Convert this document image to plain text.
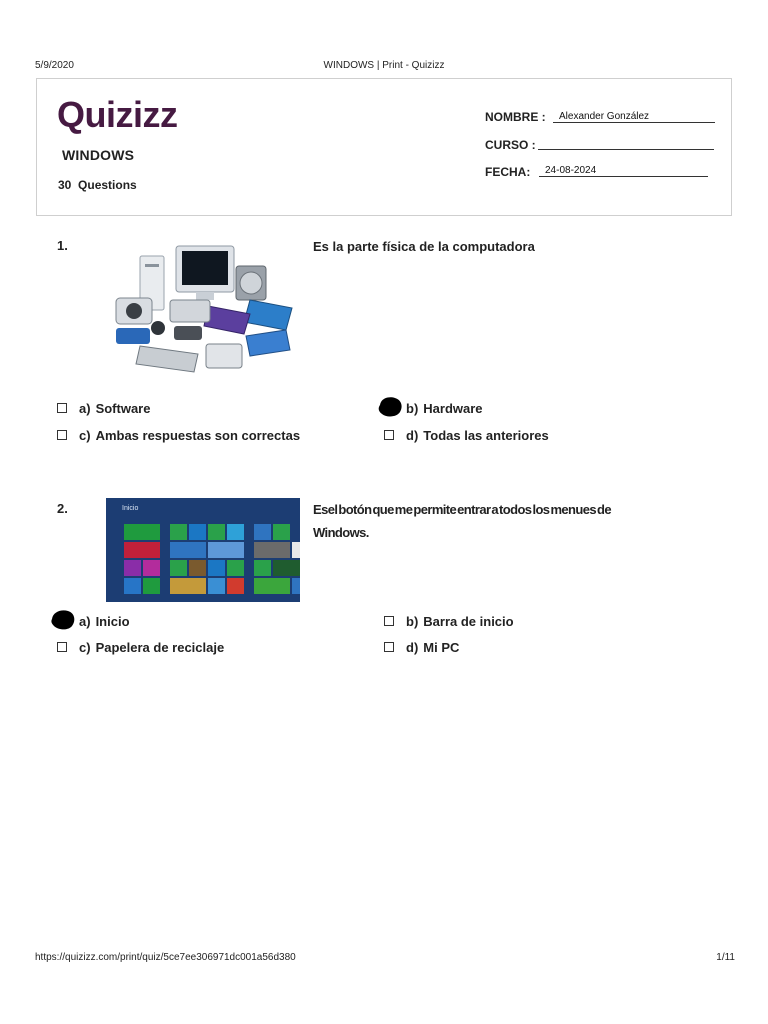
5/9/2020	WINDOWS | Print - Quizizz
Quizizz
WINDOWS
30 Questions
NOMBRE :	Alexander González
CURSO :
FECHA:	24-08-2024
1.	Es la parte física de la computadora
a) Software	b) Hardware
c) Ambas respuestas son correctas	d) Todas las anteriores
2.	Inicio	Esel botón que me permite entrar a todos los menues de
Windows.
a) Inicio	b) Barra de inicio
c) Papelera de reciclaje	d) Mi PC
https://quizizz.com/print/quiz/5ce7ee306971dc001a56d380	1/11
